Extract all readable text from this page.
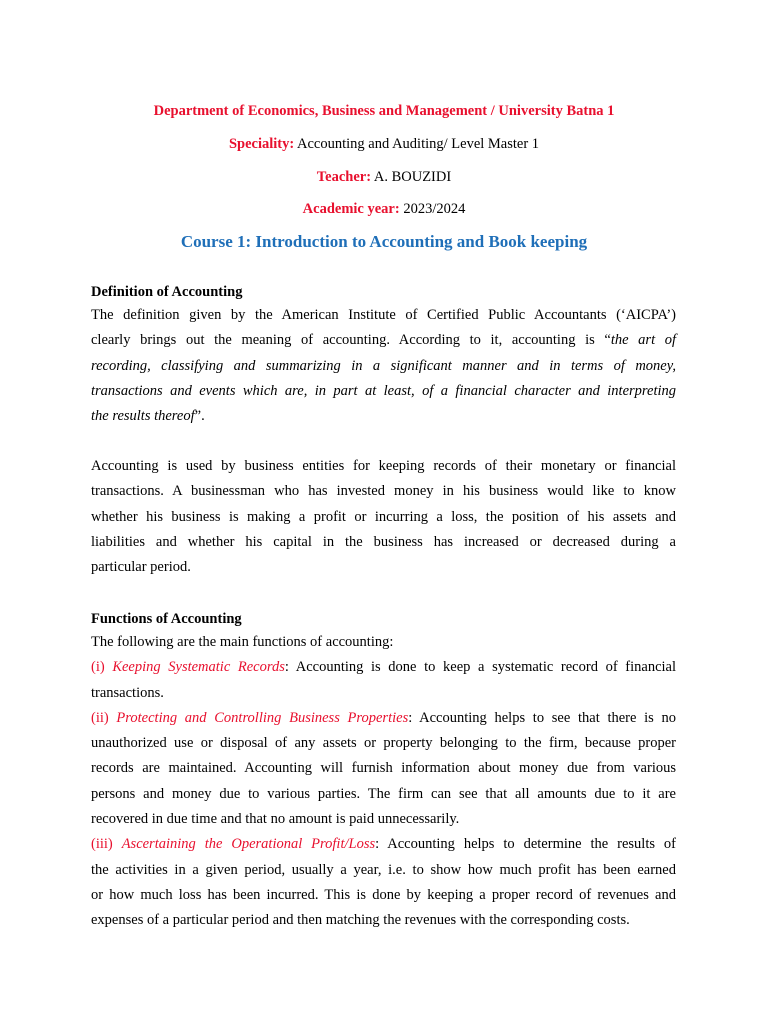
Department of Economics, Business and Management / University Batna 1
Speciality: Accounting and Auditing/ Level Master 1
Teacher: A. BOUZIDI
Academic year: 2023/2024
Course 1: Introduction to Accounting and Book keeping
Definition of Accounting
The definition given by the American Institute of Certified Public Accountants (‘AICPA’)
clearly brings out the meaning of accounting. According to it, accounting is “the art of
recording, classifying and summarizing in a significant manner and in terms of money,
transactions and events which are, in part at least, of a financial character and interpreting
the results thereof”.
Accounting is used by business entities for keeping records of their monetary or financial
transactions. A businessman who has invested money in his business would like to know
whether his business is making a profit or incurring a loss, the position of his assets and
liabilities and whether his capital in the business has increased or decreased during a
particular period.
Functions of Accounting
The following are the main functions of accounting:
(i) Keeping Systematic Records: Accounting is done to keep a systematic record of financial
transactions.
(ii) Protecting and Controlling Business Properties: Accounting helps to see that there is no
unauthorized use or disposal of any assets or property belonging to the firm, because proper
records are maintained. Accounting will furnish information about money due from various
persons and money due to various parties. The firm can see that all amounts due to it are
recovered in due time and that no amount is paid unnecessarily.
(iii) Ascertaining the Operational Profit/Loss: Accounting helps to determine the results of
the activities in a given period, usually a year, i.e. to show how much profit has been earned
or how much loss has been incurred. This is done by keeping a proper record of revenues and
expenses of a particular period and then matching the revenues with the corresponding costs.
